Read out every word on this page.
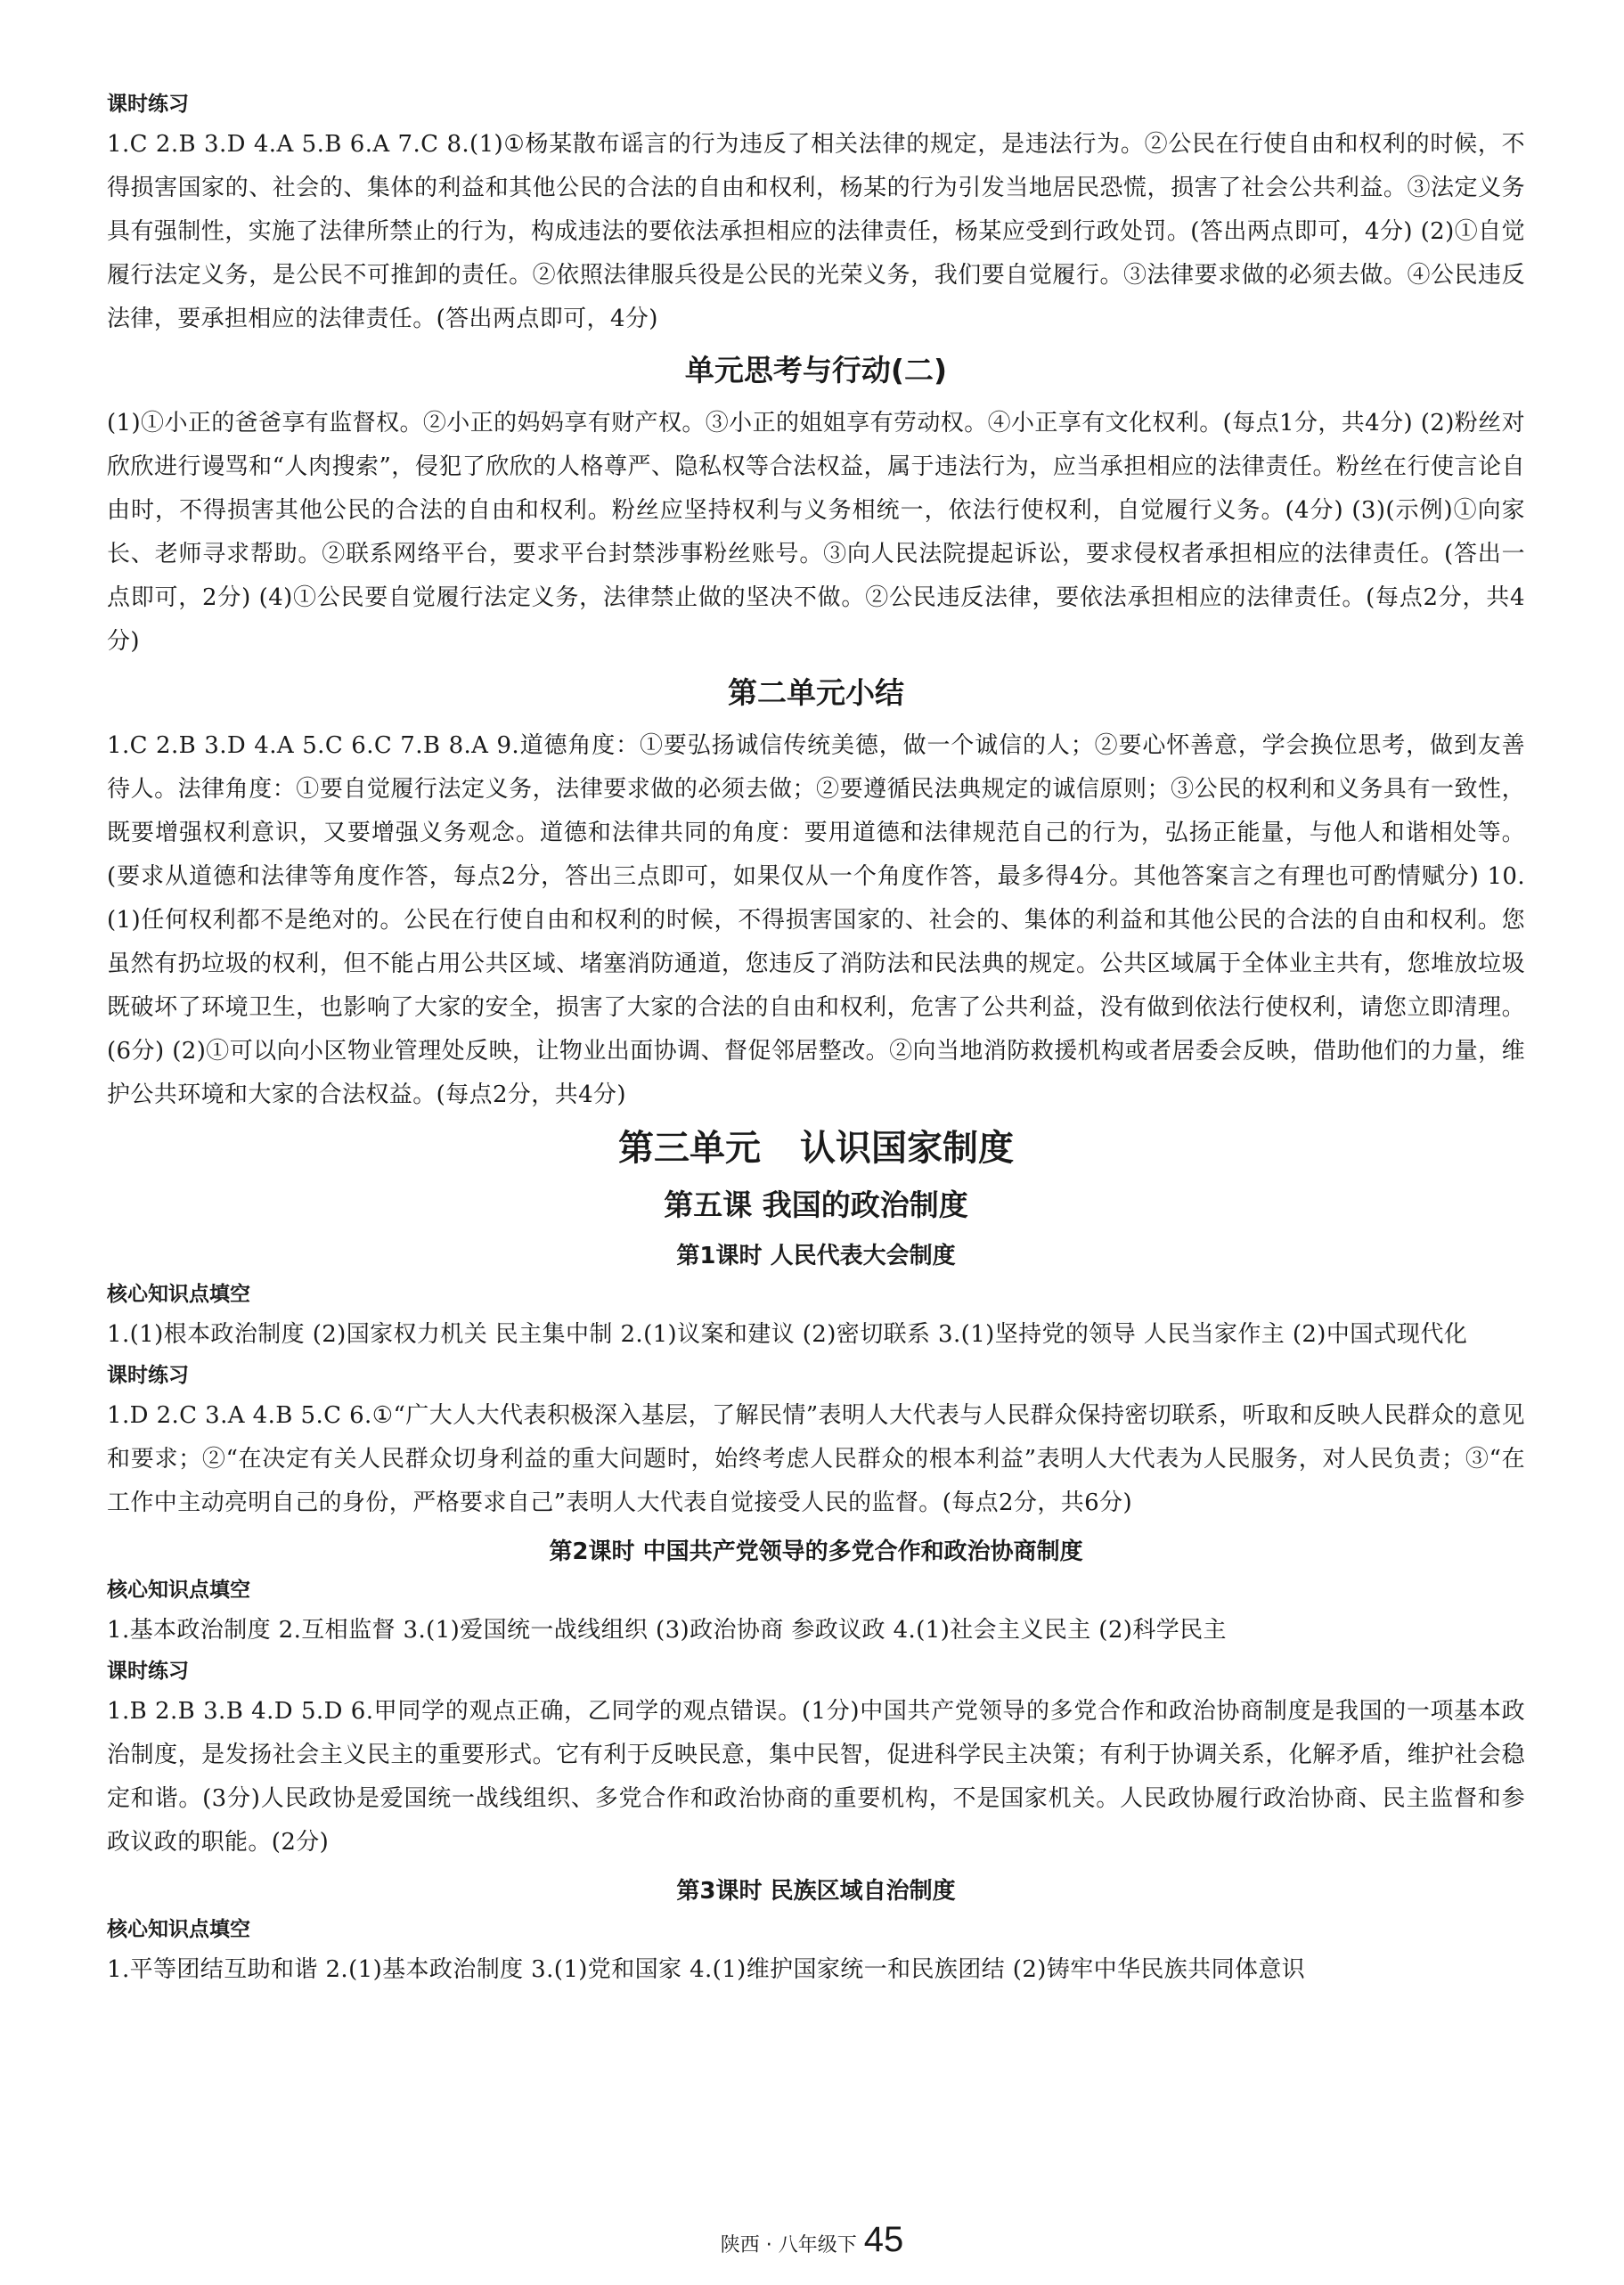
课时练习
1.C 2.B 3.D 4.A 5.B 6.A 7.C 8.(1)①杨某散布谣言的行为违反了相关法律的规定，是违法行为。②公民在行使自由和权利的时候，不得损害国家的、社会的、集体的利益和其他公民的合法的自由和权利，杨某的行为引发当地居民恐慌，损害了社会公共利益。③法定义务具有强制性，实施了法律所禁止的行为，构成违法的要依法承担相应的法律责任，杨某应受到行政处罚。(答出两点即可，4分) (2)①自觉履行法定义务，是公民不可推卸的责任。②依照法律服兵役是公民的光荣义务，我们要自觉履行。③法律要求做的必须去做。④公民违反法律，要承担相应的法律责任。(答出两点即可，4分)
单元思考与行动(二)
(1)①小正的爸爸享有监督权。②小正的妈妈享有财产权。③小正的姐姐享有劳动权。④小正享有文化权利。(每点1分，共4分) (2)粉丝对欣欣进行谩骂和“人肉搜索”，侵犯了欣欣的人格尊严、隐私权等合法权益，属于违法行为，应当承担相应的法律责任。粉丝在行使言论自由时，不得损害其他公民的合法的自由和权利。粉丝应坚持权利与义务相统一，依法行使权利，自觉履行义务。(4分) (3)(示例)①向家长、老师寻求帮助。②联系网络平台，要求平台封禁涉事粉丝账号。③向人民法院提起诉讼，要求侵权者承担相应的法律责任。(答出一点即可，2分) (4)①公民要自觉履行法定义务，法律禁止做的坚决不做。②公民违反法律，要依法承担相应的法律责任。(每点2分，共4分)
第二单元小结
1.C 2.B 3.D 4.A 5.C 6.C 7.B 8.A 9.道德角度：①要弘扬诚信传统美德，做一个诚信的人；②要心怀善意，学会换位思考，做到友善待人。法律角度：①要自觉履行法定义务，法律要求做的必须去做；②要遵循民法典规定的诚信原则；③公民的权利和义务具有一致性，既要增强权利意识，又要增强义务观念。道德和法律共同的角度：要用道德和法律规范自己的行为，弘扬正能量，与他人和谐相处等。(要求从道德和法律等角度作答，每点2分，答出三点即可，如果仅从一个角度作答，最多得4分。其他答案言之有理也可酌情赋分) 10.(1)任何权利都不是绝对的。公民在行使自由和权利的时候，不得损害国家的、社会的、集体的利益和其他公民的合法的自由和权利。您虽然有扔垃圾的权利，但不能占用公共区域、堵塞消防通道，您违反了消防法和民法典的规定。公共区域属于全体业主共有，您堆放垃圾既破坏了环境卫生，也影响了大家的安全，损害了大家的合法的自由和权利，危害了公共利益，没有做到依法行使权利，请您立即清理。(6分) (2)①可以向小区物业管理处反映，让物业出面协调、督促邻居整改。②向当地消防救援机构或者居委会反映，借助他们的力量，维护公共环境和大家的合法权益。(每点2分，共4分)
第三单元 认识国家制度
第五课 我国的政治制度
第1课时 人民代表大会制度
核心知识点填空
1.(1)根本政治制度 (2)国家权力机关 民主集中制 2.(1)议案和建议 (2)密切联系 3.(1)坚持党的领导 人民当家作主 (2)中国式现代化
课时练习
1.D 2.C 3.A 4.B 5.C 6.①“广大人大代表积极深入基层，了解民情”表明人大代表与人民群众保持密切联系，听取和反映人民群众的意见和要求；②“在决定有关人民群众切身利益的重大问题时，始终考虑人民群众的根本利益”表明人大代表为人民服务，对人民负责；③“在工作中主动亮明自己的身份，严格要求自己”表明人大代表自觉接受人民的监督。(每点2分，共6分)
第2课时 中国共产党领导的多党合作和政治协商制度
核心知识点填空
1.基本政治制度 2.互相监督 3.(1)爱国统一战线组织 (3)政治协商 参政议政 4.(1)社会主义民主 (2)科学民主
课时练习
1.B 2.B 3.B 4.D 5.D 6.甲同学的观点正确，乙同学的观点错误。(1分)中国共产党领导的多党合作和政治协商制度是我国的一项基本政治制度，是发扬社会主义民主的重要形式。它有利于反映民意，集中民智，促进科学民主决策；有利于协调关系，化解矛盾，维护社会稳定和谐。(3分)人民政协是爱国统一战线组织、多党合作和政治协商的重要机构，不是国家机关。人民政协履行政治协商、民主监督和参政议政的职能。(2分)
第3课时 民族区域自治制度
核心知识点填空
1.平等团结互助和谐 2.(1)基本政治制度 3.(1)党和国家 4.(1)维护国家统一和民族团结 (2)铸牢中华民族共同体意识
陕西 · 八年级下 45
